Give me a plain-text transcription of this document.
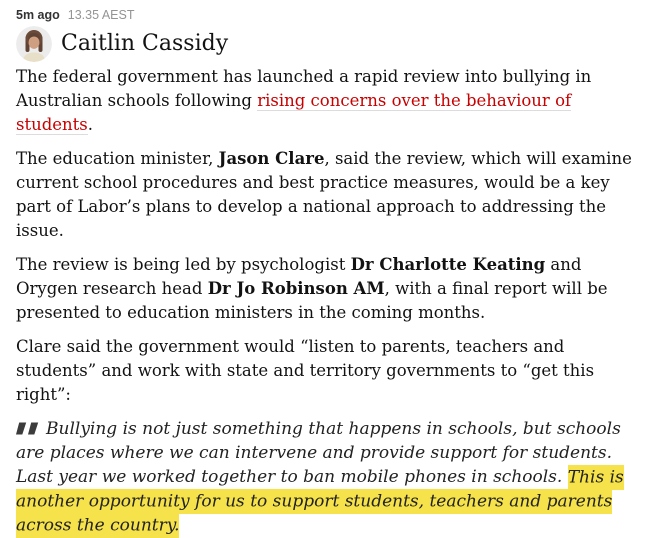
5m ago 13.35 AEST
Caitlin Cassidy

The federal government has launched a rapid review into bullying in Australian schools following rising concerns over the behaviour of students.

The education minister, Jason Clare, said the review, which will examine current school procedures and best practice measures, would be a key part of Labor’s plans to develop a national approach to addressing the issue.

The review is being led by psychologist Dr Charlotte Keating and Orygen research head Dr Jo Robinson AM, with a final report will be presented to education ministers in the coming months.

Clare said the government would “listen to parents, teachers and students” and work with state and territory governments to “get this right”:

Bullying is not just something that happens in schools, but schools are places where we can intervene and provide support for students. Last year we worked together to ban mobile phones in schools. This is another opportunity for us to support students, teachers and parents across the country.
